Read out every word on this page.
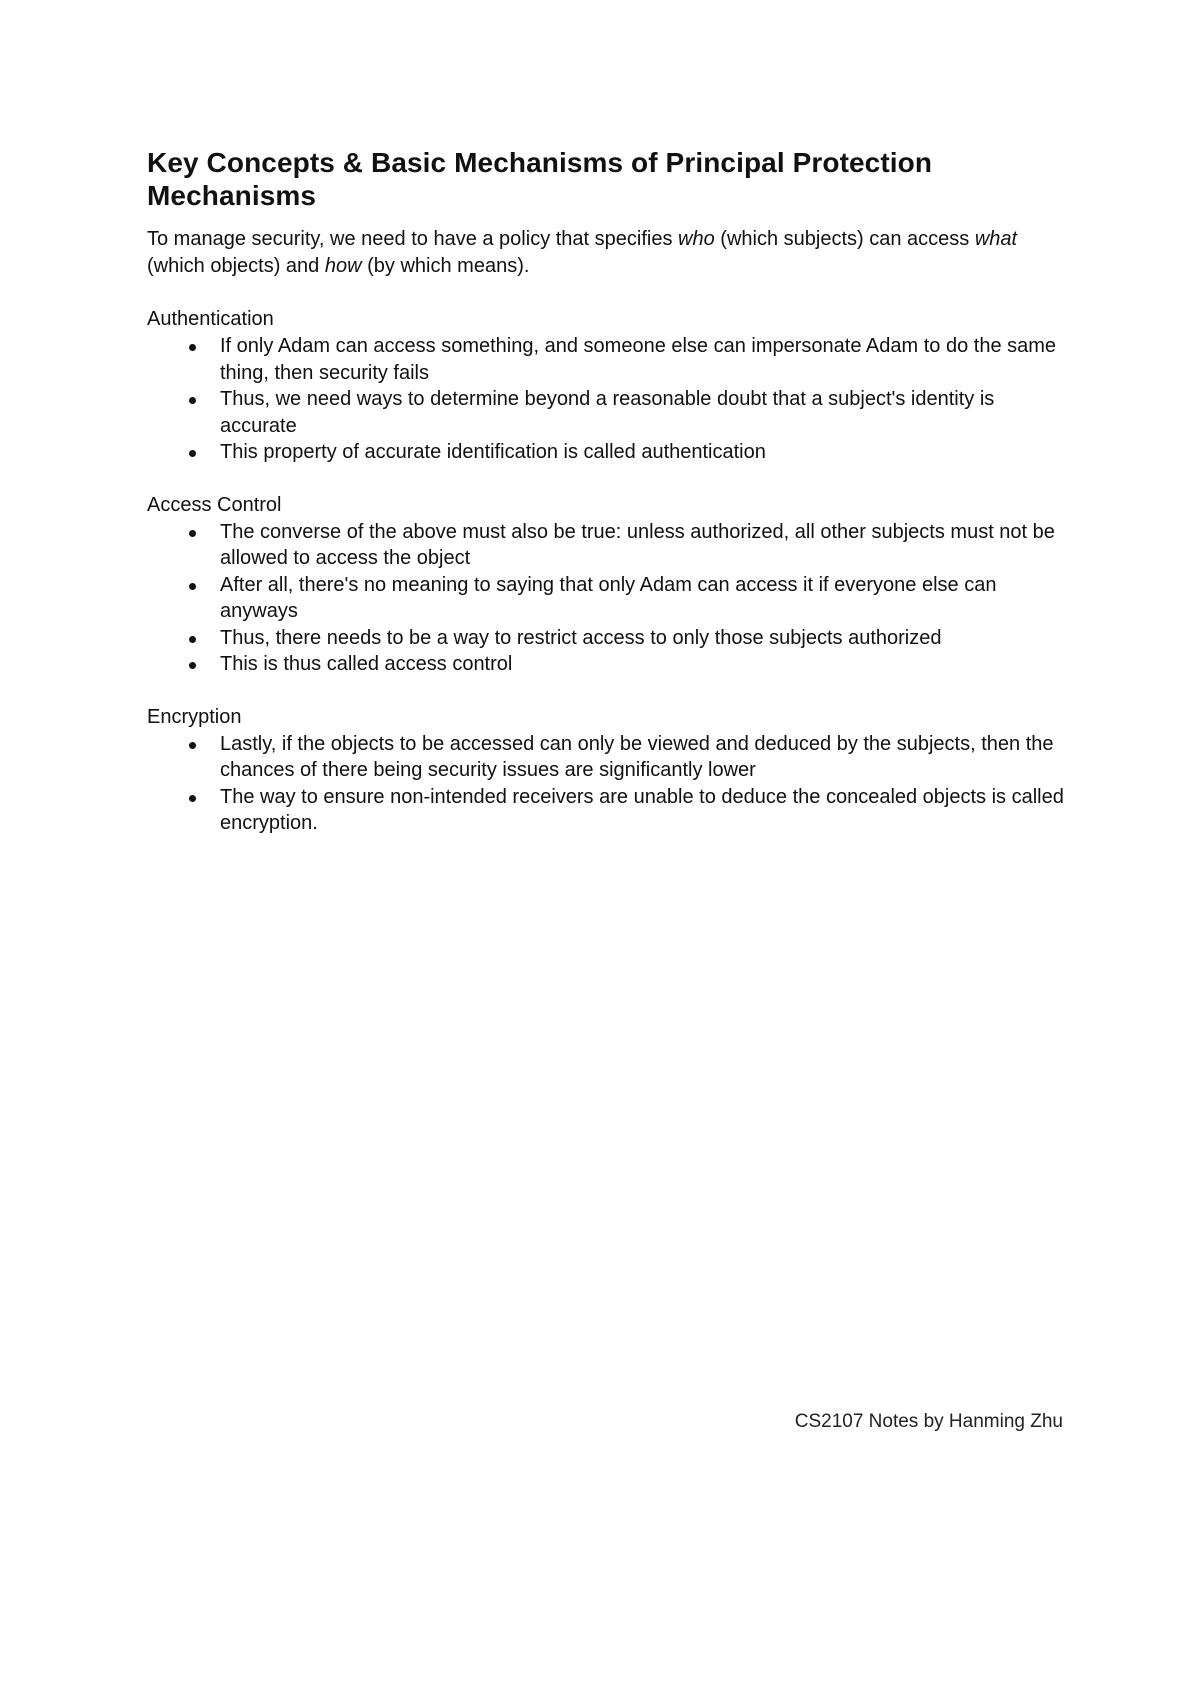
Key Concepts & Basic Mechanisms of Principal Protection Mechanisms

To manage security, we need to have a policy that specifies who (which subjects) can access what (which objects) and how (by which means).

Authentication

If only Adam can access something, and someone else can impersonate Adam to do the same thing, then security fails
Thus, we need ways to determine beyond a reasonable doubt that a subject's identity is accurate
This property of accurate identification is called authentication

Access Control

The converse of the above must also be true: unless authorized, all other subjects must not be allowed to access the object
After all, there's no meaning to saying that only Adam can access it if everyone else can anyways
Thus, there needs to be a way to restrict access to only those subjects authorized
This is thus called access control

Encryption

Lastly, if the objects to be accessed can only be viewed and deduced by the subjects, then the chances of there being security issues are significantly lower
The way to ensure non-intended receivers are unable to deduce the concealed objects is called encryption.
CS2107 Notes by Hanming Zhu
